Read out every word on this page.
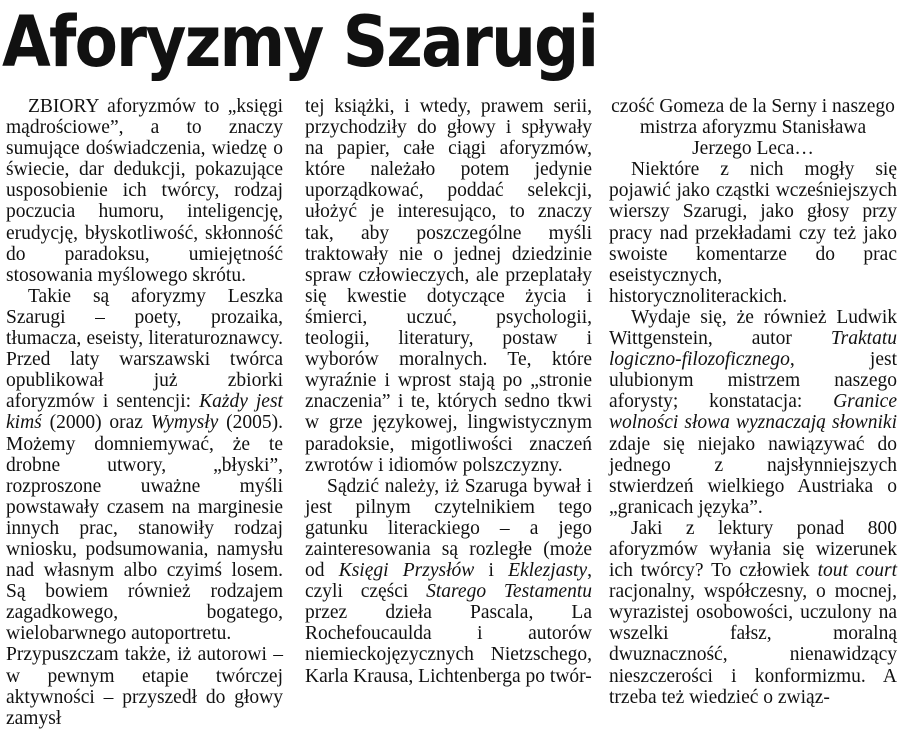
Aforyzmy Szarugi

ZBIORY aforyzmów to „księgi mądrościowe”, a to znaczy sumujące doświadczenia, wiedzę o świecie, dar dedukcji, pokazujące usposobienie ich twórcy, rodzaj poczucia humoru, inteligencję, erudycję, błyskotliwość, skłonność do paradoksu, umiejętność stosowania myślowego skrótu.

Takie są aforyzmy Leszka Szarugi – poety, prozaika, tłumacza, eseisty, literaturoznawcy. Przed laty warszawski twórca opublikował już zbiorki aforyzmów i sentencji: Każdy jest kimś (2000) oraz Wymysły (2005). Możemy domniemywać, że te drobne utwory, „błyski”, rozproszone uważne myśli powstawały czasem na marginesie innych prac, stanowiły rodzaj wniosku, podsumowania, namysłu nad własnym albo czyimś losem. Są bowiem również rodzajem zagadkowego, bogatego, wielobarwnego autoportretu.

Przypuszczam także, iż autorowi – w pewnym etapie twórczej aktywności – przyszedł do głowy zamysł

tej książki, i wtedy, prawem serii, przychodziły do głowy i spływały na papier, całe ciągi aforyzmów, które należało potem jedynie uporządkować, poddać selekcji, ułożyć je interesująco, to znaczy tak, aby poszczególne myśli traktowały nie o jednej dziedzinie spraw człowieczych, ale przeplatały się kwestie dotyczące życia i śmierci, uczuć, psychologii, teologii, literatury, postaw i wyborów moralnych. Te, które wyraźnie i wprost stają po „stronie znaczenia” i te, których sedno tkwi w grze językowej, lingwistycznym paradoksie, migotliwości znaczeń zwrotów i idiomów polszczyzny.

Sądzić należy, iż Szaruga bywał i jest pilnym czytelnikiem tego gatunku literackiego – a jego zainteresowania są rozległe (może od Księgi Przysłów i Eklezjasty, czyli części Starego Testamentu przez dzieła Pascala, La Rochefoucaulda i autorów niemieckojęzycznych Nietzschego, Karla Krausa, Lichtenberga po twór-

czość Gomeza de la Serny i naszego mistrza aforyzmu Stanisława Jerzego Leca…

Niektóre z nich mogły się pojawić jako cząstki wcześniejszych wierszy Szarugi, jako głosy przy pracy nad przekładami czy też jako swoiste komentarze do prac eseistycznych, historycznoliterackich.

Wydaje się, że również Ludwik Wittgenstein, autor Traktatu logiczno-filozoficznego, jest ulubionym mistrzem naszego aforysty; konstatacja: Granice wolności słowa wyznaczają słowniki zdaje się niejako nawiązywać do jednego z najsłynniejszych stwierdzeń wielkiego Austriaka o „granicach języka”.

Jaki z lektury ponad 800 aforyzmów wyłania się wizerunek ich twórcy? To człowiek tout court racjonalny, współczesny, o mocnej, wyrazistej osobowości, uczulony na wszelki fałsz, moralną dwuznaczność, nienawidzący nieszczerości i konformizmu. A trzeba też wiedzieć o związ-
